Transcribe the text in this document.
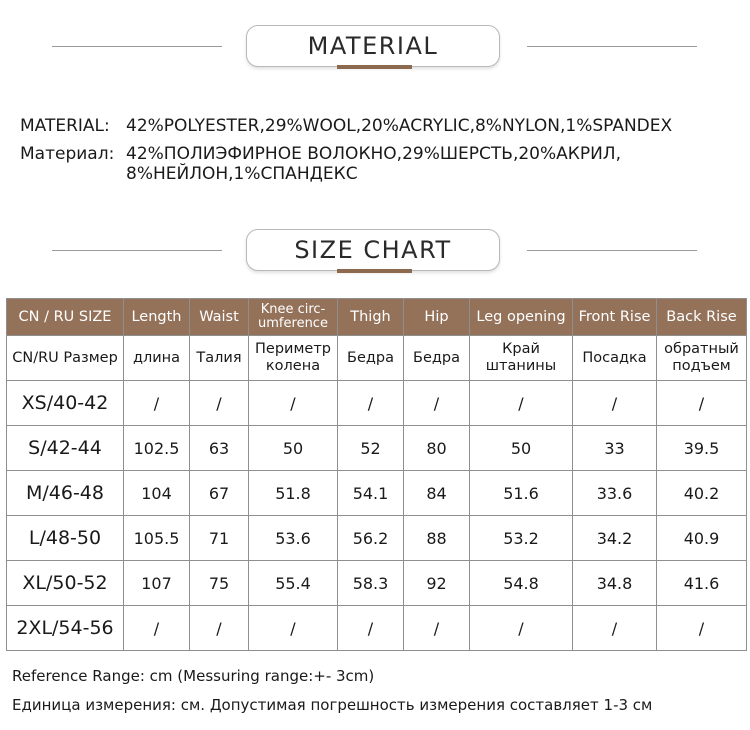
MATERIAL
MATERIAL: 42%POLYESTER,29%WOOL,20%ACRYLIC,8%NYLON,1%SPANDEX
Материал: 42%ПОЛИЭФИРНОЕ ВОЛОКНО,29%ШЕРСТЬ,20%АКРИЛ,
8%НЕЙЛОН,1%СПАНДЕКС
SIZE CHART
CN / RU SIZE	Length	Waist	Knee circ-umference	Thigh	Hip	Leg opening	Front Rise	Back Rise
CN/RU Размер	длина	Талия	Периметр колена	Бедра	Бедра	Край штанины	Посадка	обратный подъем
XS/40-42	/	/	/	/	/	/	/	/
S/42-44	102.5	63	50	52	80	50	33	39.5
M/46-48	104	67	51.8	54.1	84	51.6	33.6	40.2
L/48-50	105.5	71	53.6	56.2	88	53.2	34.2	40.9
XL/50-52	107	75	55.4	58.3	92	54.8	34.8	41.6
2XL/54-56	/	/	/	/	/	/	/	/
Reference Range: cm (Messuring range:+- 3cm)
Единица измерения: см. Допустимая погрешность измерения составляет 1-3 см
